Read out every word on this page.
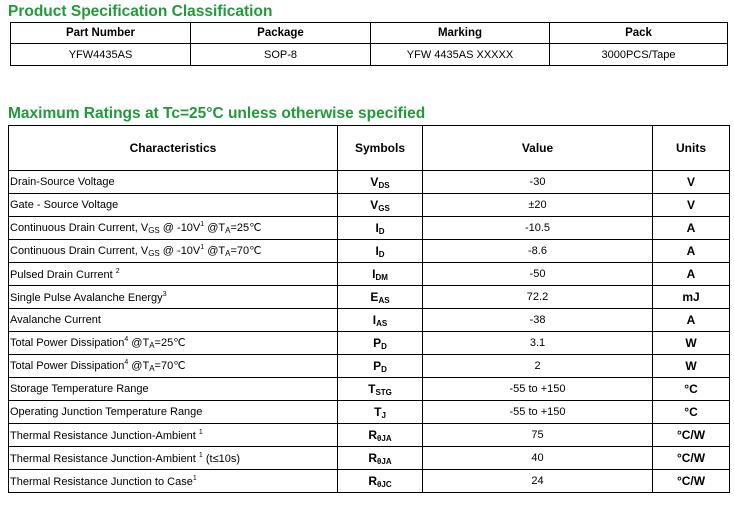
Product Specification Classification
Part Number	Package	Marking	Pack
YFW4435AS	SOP-8	YFW 4435AS XXXXX	3000PCS/Tape
Maximum Ratings at Tc=25°C unless otherwise specified
Characteristics	Symbols	Value	Units
Drain-Source Voltage	$V_{DS}$	-30	V
Gate - Source Voltage	$V_{GS}$	±20	V
Continuous Drain Current, VGS @ $-10V^1$ @TA=25℃	$I_D$	-10.5	A
Continuous Drain Current, VGS @ $-10V^1$ @TA=70℃	$I_D$	-8.6	A
Pulsed Drain Current $^2$	$I_{DM}$	-50	A
Single Pulse Avalanche Energy$^3$	$E_{AS}$	72.2	mJ
Avalanche Current	$I_{AS}$	-38	A
Total Power Dissipation$^4$ @TA=25℃	$P_D$	3.1	W
Total Power Dissipation$^4$ @TA=70℃	$P_D$	2	W
Storage Temperature Range	$T_{STG}$	-55 to +150	°C
Operating Junction Temperature Range	$T_J$	-55 to +150	°C
Thermal Resistance Junction-Ambient $^1$	$R_{\theta JA}$	75	°C/W
Thermal Resistance Junction-Ambient $^1$ (t≤10s)	$R_{\theta JA}$	40	°C/W
Thermal Resistance Junction to Case$^1$	$R_{\theta JC}$	24	°C/W
